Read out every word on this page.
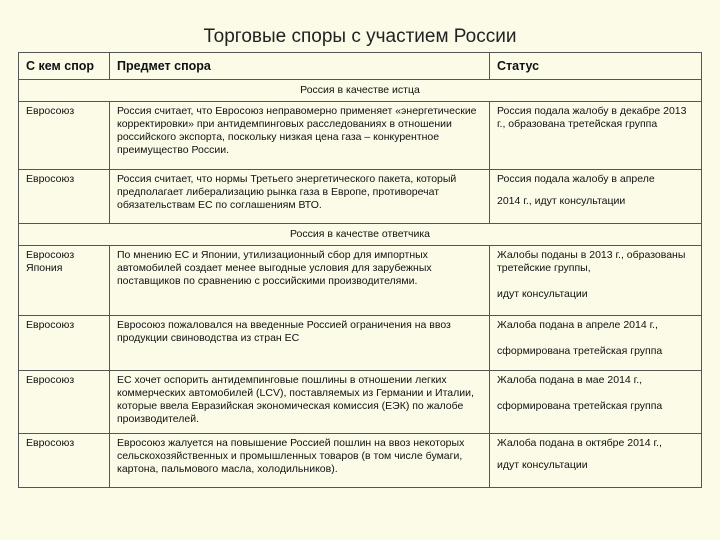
Торговые споры с участием России
С кем спор	Предмет спора	Статус
Россия в качестве истца		
Евросоюз	Россия считает, что Евросоюз неправомерно применяет «энергетические корректировки» при антидемпинговых расследованиях в отношении российского экспорта, поскольку низкая цена газа – конкурентное преимущество России.	Россия подала жалобу в декабре 2013 г., образована третейская группа

Евросоюз	Россия считает, что нормы Третьего энергетического пакета, который предполагает либерализацию рынка газа в Европе, противоречат обязательствам ЕС по соглашениям ВТО.	Россия подала жалобу в апреле
2014 г., идут консультации

Россия в качестве ответчика		

Евросоюз
Япония	По мнению ЕС и Японии, утилизационный сбор для импортных автомобилей создает менее выгодные условия для зарубежных поставщиков по сравнению с российскими производителями.	Жалобы поданы в 2013 г., образованы третейские группы,
идут консультации

Евросоюз	Евросоюз пожаловался на введенные Россией ограничения на ввоз продукции свиноводства из стран ЕС	Жалоба подана в апреле 2014 г.,
сформирована третейская группа

Евросоюз	ЕС хочет оспорить антидемпинговые пошлины в отношении легких коммерческих автомобилей (LCV), поставляемых из Германии и Италии, которые ввела Евразийская экономическая комиссия (ЕЭК) по жалобе производителей.	Жалоба подана в мае 2014 г.,
сформирована третейская группа

Евросоюз	Евросоюз жалуется на повышение Россией пошлин на ввоз некоторых сельскохозяйственных и промышленных товаров (в том числе бумаги, картона, пальмового масла, холодильников).	Жалоба подана в октябре 2014 г.,
идут консультации
